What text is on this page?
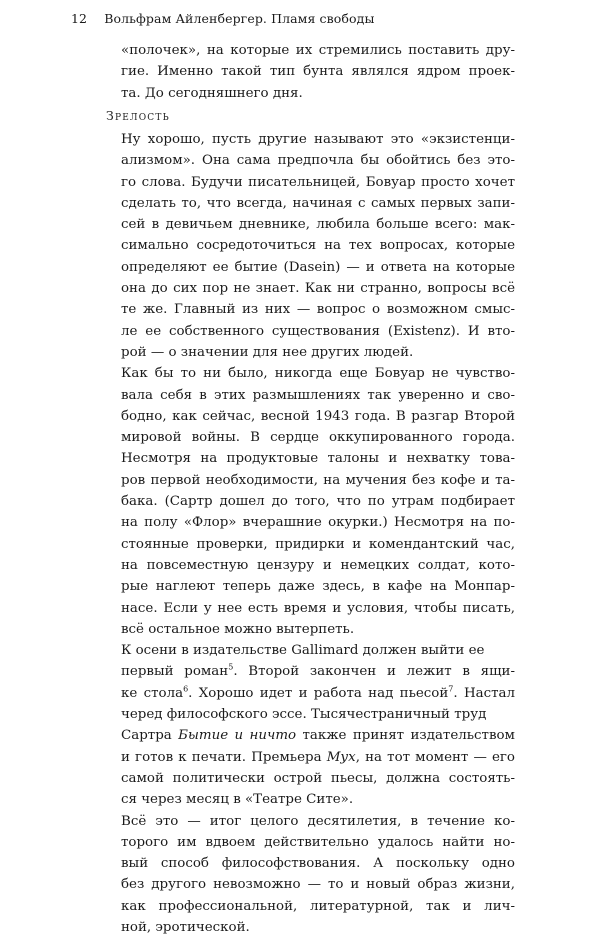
12 Вольфрам Айленбергер. Пламя свободы
«полочек», на которые их стремились поставить дру-
гие. Именно такой тип бунта являлся ядром проек-
та. До сегодняшнего дня.
Зрелость
Ну хорошо, пусть другие называют это «экзистенци-
ализмом». Она сама предпочла бы обойтись без это-
го слова. Будучи писательницей, Бовуар просто хочет
сделать то, что всегда, начиная с самых первых запи-
сей в девичьем дневнике, любила больше всего: мак-
симально сосредоточиться на тех вопросах, которые
определяют ее бытие (Dasein) — и ответа на которые
она до сих пор не знает. Как ни странно, вопросы всё
те же. Главный из них — вопрос о возможном смыс-
ле ее собственного существования (Existenz). И вто-
рой — о значении для нее других людей.
Как бы то ни было, никогда еще Бовуар не чувство-
вала себя в этих размышлениях так уверенно и сво-
бодно, как сейчас, весной 1943 года. В разгар Второй
мировой войны. В сердце оккупированного города.
Несмотря на продуктовые талоны и нехватку това-
ров первой необходимости, на мучения без кофе и та-
бака. (Сартр дошел до того, что по утрам подбирает
на полу «Флор» вчерашние окурки.) Несмотря на по-
стоянные проверки, придирки и комендантский час,
на повсеместную цензуру и немецких солдат, кото-
рые наглеют теперь даже здесь, в кафе на Монпар-
насе. Если у нее есть время и условия, чтобы писать,
всё остальное можно вытерпеть.
К осени в издательстве Gallimard должен выйти ее
первый роман$^5$. Второй закончен и лежит в ящи-
ке стола$^6$. Хорошо идет и работа над пьесой$^7$. Настал
черед философского эссе. Тысячестраничный труд
Сартра Бытие и ничто также принят издательством
и готов к печати. Премьера Мух, на тот момент — его
самой политически острой пьесы, должна состоять-
ся через месяц в «Театре Сите».
Всё это — итог целого десятилетия, в течение ко-
торого им вдвоем действительно удалось найти но-
вый способ философствования. А поскольку одно
без другого невозможно — то и новый образ жизни,
как профессиональной, литературной, так и лич-
ной, эротической.
